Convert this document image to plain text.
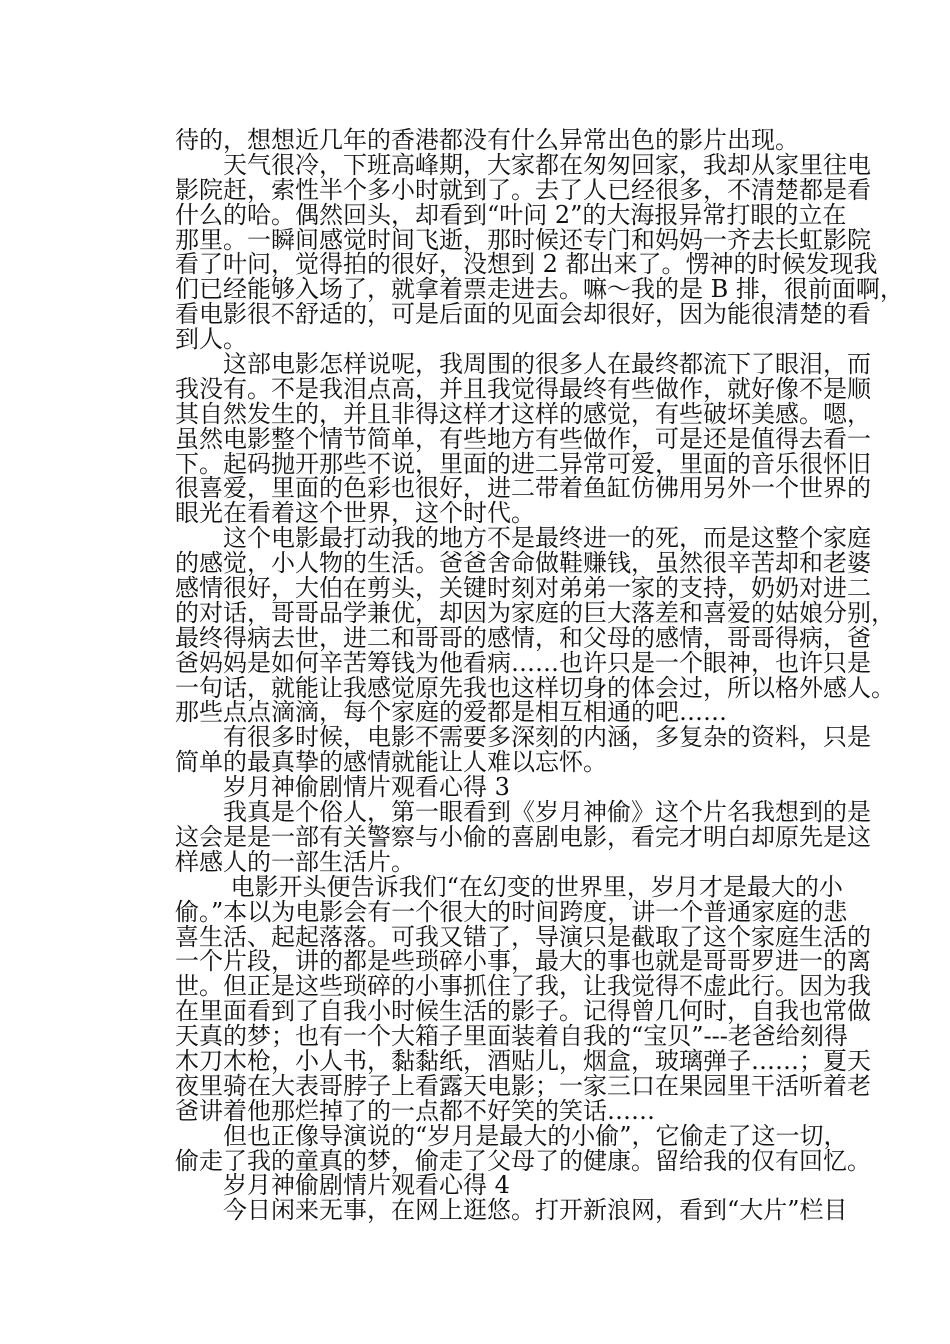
待的，想想近几年的香港都没有什么异常出色的影片出现。
天气很冷，下班高峰期，大家都在匆匆回家，我却从家里往电
影院赶，索性半个多小时就到了。去了人已经很多，不清楚都是看
什么的哈。偶然回头，却看到“叶问 2”的大海报异常打眼的立在
那里。一瞬间感觉时间飞逝，那时候还专门和妈妈一齐去长虹影院
看了叶问，觉得拍的很好，没想到 2 都出来了。愣神的时候发现我
们已经能够入场了，就拿着票走进去。嘛～我的是 B 排，很前面啊，
看电影很不舒适的，可是后面的见面会却很好，因为能很清楚的看
到人。
这部电影怎样说呢，我周围的很多人在最终都流下了眼泪，而
我没有。不是我泪点高，并且我觉得最终有些做作，就好像不是顺
其自然发生的，并且非得这样才这样的感觉，有些破坏美感。嗯，
虽然电影整个情节简单，有些地方有些做作，可是还是值得去看一
下。起码抛开那些不说，里面的进二异常可爱，里面的音乐很怀旧
很喜爱，里面的色彩也很好，进二带着鱼缸仿佛用另外一个世界的
眼光在看着这个世界，这个时代。
这个电影最打动我的地方不是最终进一的死，而是这整个家庭
的感觉，小人物的生活。爸爸舍命做鞋赚钱，虽然很辛苦却和老婆
感情很好，大伯在剪头，关键时刻对弟弟一家的支持，奶奶对进二
的对话，哥哥品学兼优，却因为家庭的巨大落差和喜爱的姑娘分别，
最终得病去世，进二和哥哥的感情，和父母的感情，哥哥得病，爸
爸妈妈是如何辛苦筹钱为他看病……也许只是一个眼神，也许只是
一句话，就能让我感觉原先我也这样切身的体会过，所以格外感人。
那些点点滴滴，每个家庭的爱都是相互相通的吧……
有很多时候，电影不需要多深刻的内涵，多复杂的资料，只是
简单的最真挚的感情就能让人难以忘怀。
岁月神偷剧情片观看心得 3
我真是个俗人，第一眼看到《岁月神偷》这个片名我想到的是
这会是是一部有关警察与小偷的喜剧电影，看完才明白却原先是这
样感人的一部生活片。
电影开头便告诉我们“在幻变的世界里，岁月才是最大的小
偷。”本以为电影会有一个很大的时间跨度，讲一个普通家庭的悲
喜生活、起起落落。可我又错了，导演只是截取了这个家庭生活的
一个片段，讲的都是些琐碎小事，最大的事也就是哥哥罗进一的离
世。但正是这些琐碎的小事抓住了我，让我觉得不虚此行。因为我
在里面看到了自我小时候生活的影子。记得曾几何时，自我也常做
天真的梦；也有一个大箱子里面装着自我的“宝贝”---老爸给刻得
木刀木枪，小人书，黏黏纸，酒贴儿，烟盒，玻璃弹子……；夏天
夜里骑在大表哥脖子上看露天电影；一家三口在果园里干活听着老
爸讲着他那烂掉了的一点都不好笑的笑话……
但也正像导演说的“岁月是最大的小偷”，它偷走了这一切，
偷走了我的童真的梦，偷走了父母了的健康。留给我的仅有回忆。
岁月神偷剧情片观看心得 4
今日闲来无事，在网上逛悠。打开新浪网，看到“大片”栏目
